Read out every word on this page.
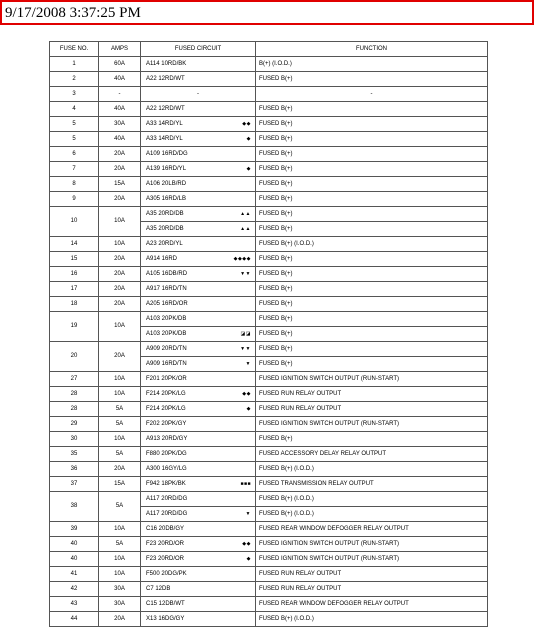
9/17/2008 3:37:25 PM
FUSE NO.	AMPS	FUSED CIRCUIT	FUNCTION
1	60A	A114 10RD/BK	B(+) (I.O.D.)
2	40A	A22 12RD/WT	FUSED B(+)
3	-	-	-
4	40A	A22 12RD/WT	FUSED B(+)
5	30A	A33 14RD/YL ◆◆	FUSED B(+)
5	40A	A33 14RD/YL ◆	FUSED B(+)
6	20A	A109 16RD/DG	FUSED B(+)
7	20A	A139 16RD/YL ◆	FUSED B(+)
8	15A	A106 20LB/RD	FUSED B(+)
9	20A	A305 16RD/LB	FUSED B(+)
10	10A	A35 20RD/DB ▲▲	FUSED B(+)

		A35 20RD/DB ▲▲	FUSED B(+)
14	10A	A23 20RD/YL	FUSED B(+) (I.O.D.)
15	20A	A914 16RD ◆◆◆◆	FUSED B(+)
16	20A	A105 16DB/RD ▼▼	FUSED B(+)
17	20A	A917 16RD/TN	FUSED B(+)
18	20A	A205 16RD/OR	FUSED B(+)
19	10A	A103 20PK/DB	FUSED B(+)

		A103 20PK/DB ◪◪	FUSED B(+)
20	20A	A909 20RD/TN ▼▼	FUSED B(+)

		A909 16RD/TN ▼	FUSED B(+)
27	10A	F201 20PK/OR	FUSED IGNITION SWITCH OUTPUT (RUN-START)
28	10A	F214 20PK/LG ◆◆	FUSED RUN RELAY OUTPUT
28	5A	F214 20PK/LG ◆	FUSED RUN RELAY OUTPUT
29	5A	F202 20PK/GY	FUSED IGNITION SWITCH OUTPUT (RUN-START)
30	10A	A913 20RD/GY	FUSED B(+)
35	5A	F880 20PK/DG	FUSED ACCESSORY DELAY RELAY OUTPUT
36	20A	A300 16GY/LG	FUSED B(+) (I.O.D.)
37	15A	F942 18PK/BK ■■■	FUSED TRANSMISSION RELAY OUTPUT
38	5A	A117 20RD/DG	FUSED B(+) (I.O.D.)

		A117 20RD/DG ▼	FUSED B(+) (I.O.D.)
39	10A	C16 20DB/GY	FUSED REAR WINDOW DEFOGGER RELAY OUTPUT
40	5A	F23 20RD/OR ◆◆	FUSED IGNITION SWITCH OUTPUT (RUN-START)
40	10A	F23 20RD/OR ◆	FUSED IGNITION SWITCH OUTPUT (RUN-START)
41	10A	F500 20DG/PK	FUSED RUN RELAY OUTPUT
42	30A	C7 12DB	FUSED RUN RELAY OUTPUT
43	30A	C15 12DB/WT	FUSED REAR WINDOW DEFOGGER RELAY OUTPUT
44	20A	X13 16DG/GY	FUSED B(+) (I.O.D.)
